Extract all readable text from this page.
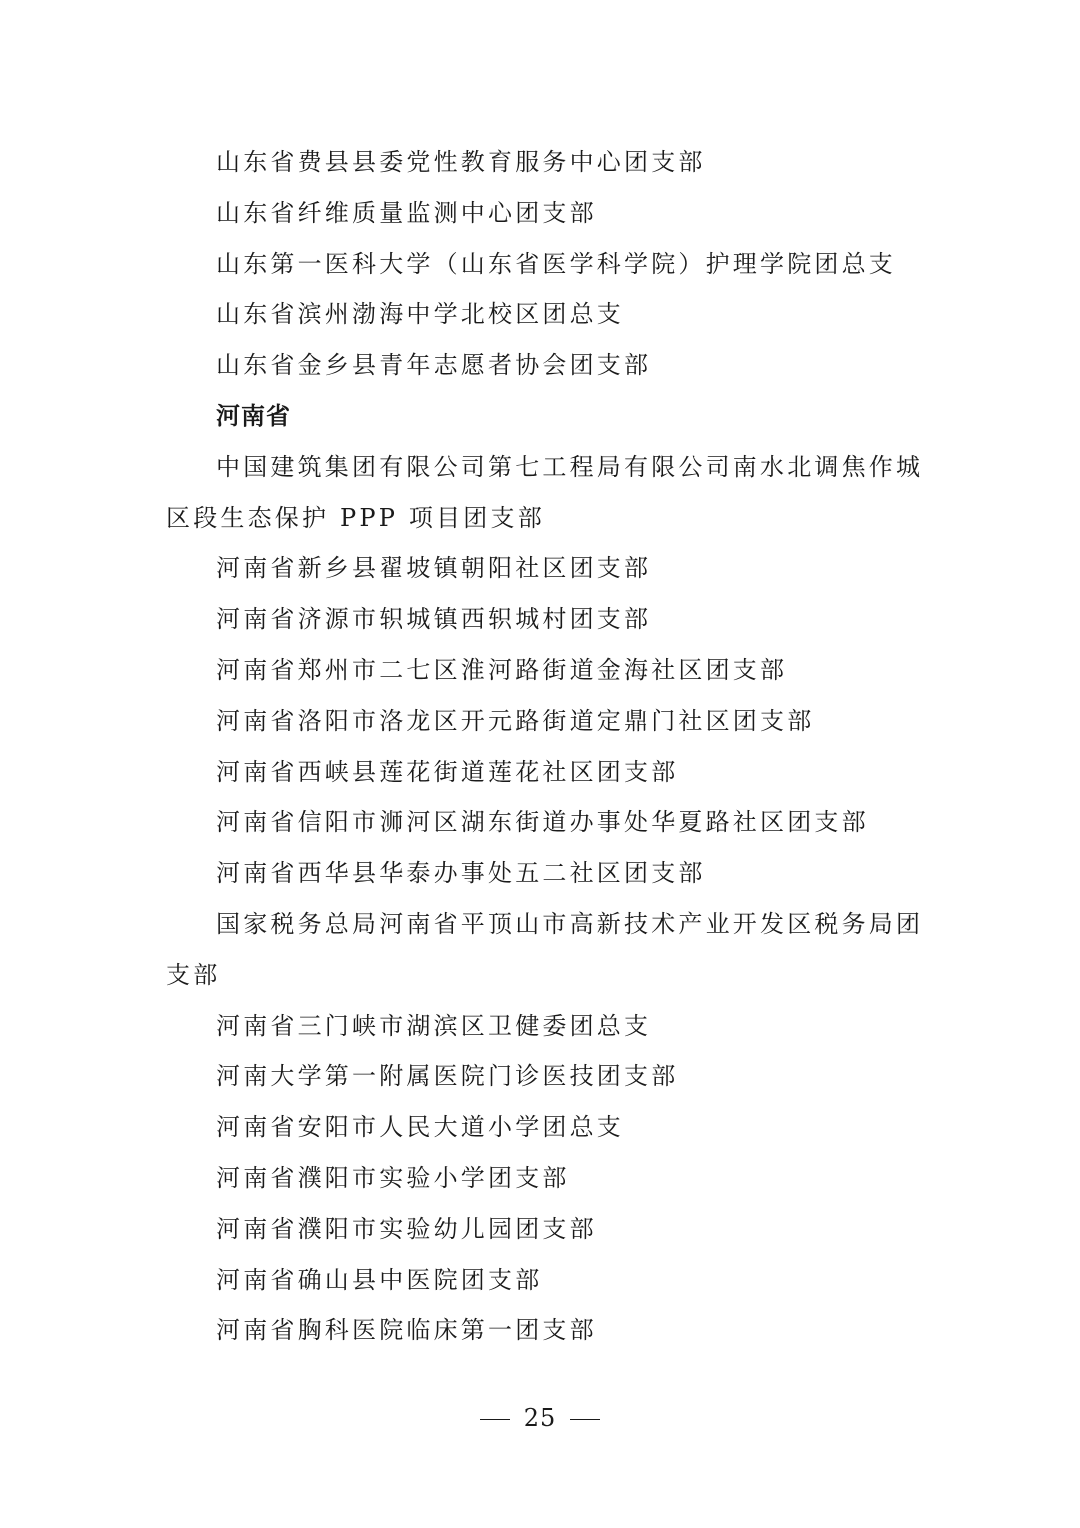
山东省费县县委党性教育服务中心团支部
山东省纤维质量监测中心团支部
山东第一医科大学（山东省医学科学院）护理学院团总支
山东省滨州渤海中学北校区团总支
山东省金乡县青年志愿者协会团支部
河南省
中国建筑集团有限公司第七工程局有限公司南水北调焦作城
区段生态保护 PPP 项目团支部
河南省新乡县翟坡镇朝阳社区团支部
河南省济源市轵城镇西轵城村团支部
河南省郑州市二七区淮河路街道金海社区团支部
河南省洛阳市洛龙区开元路街道定鼎门社区团支部
河南省西峡县莲花街道莲花社区团支部
河南省信阳市浉河区湖东街道办事处华夏路社区团支部
河南省西华县华泰办事处五二社区团支部
国家税务总局河南省平顶山市高新技术产业开发区税务局团
支部
河南省三门峡市湖滨区卫健委团总支
河南大学第一附属医院门诊医技团支部
河南省安阳市人民大道小学团总支
河南省濮阳市实验小学团支部
河南省濮阳市实验幼儿园团支部
河南省确山县中医院团支部
河南省胸科医院临床第一团支部
25
